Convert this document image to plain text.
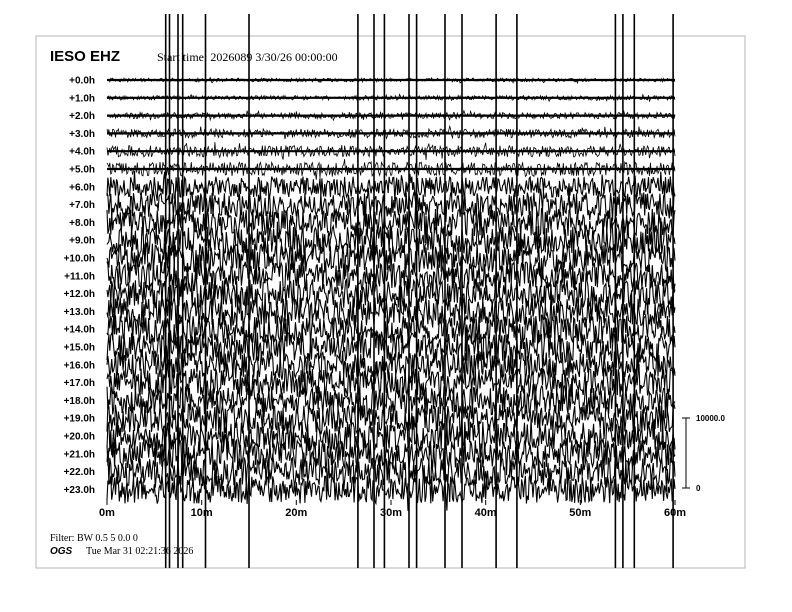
+0.0h
+1.0h
+2.0h
+3.0h
+4.0h
+5.0h
+6.0h
+7.0h
+8.0h
+9.0h
+10.0h
+11.0h
+12.0h
+13.0h
+14.0h
+15.0h
+16.0h
+17.0h
+18.0h
+19.0h
+20.0h
+21.0h
+22.0h
+23.0h
0m	10m	20m	30m	40m	50m	60m
10000.0
0
IESO EHZ	Start time: 2026089 3/30/26 00:00:00
Filter: BW 0.5 5 0.0 0
OGS Tue Mar 31 02:21:36 2026
